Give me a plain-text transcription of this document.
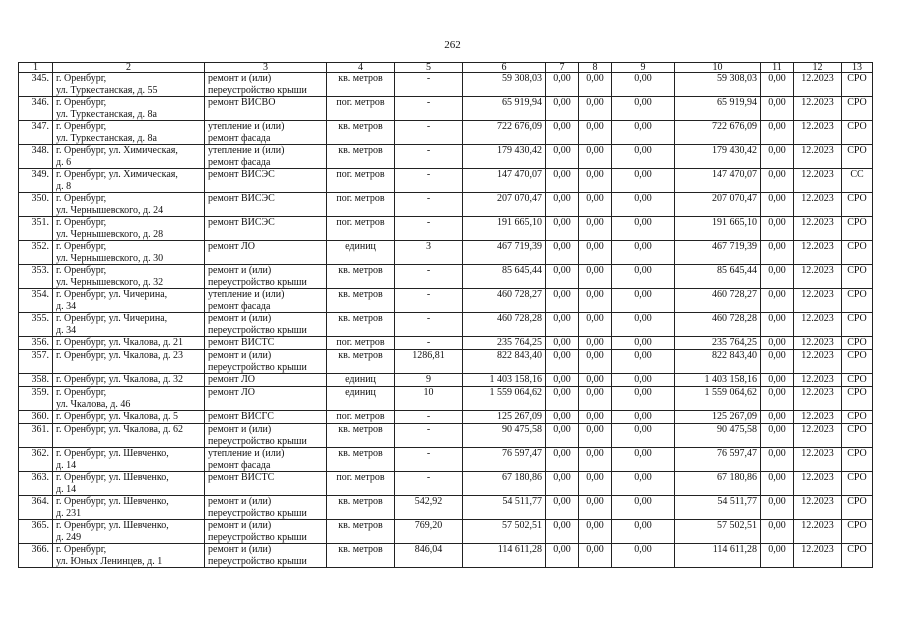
262
1	2	3	4	5	6	7	8	9	10	11	12	13
345.	г. Оренбург,
ул. Туркестанская, д. 55	ремонт и (или)
переустройство крыши	кв. метров	-	59 308,03	0,00	0,00	0,00	59 308,03	0,00	12.2023	СРО
346.	г. Оренбург,
ул. Туркестанская, д. 8а	ремонт ВИСВО	пог. метров	-	65 919,94	0,00	0,00	0,00	65 919,94	0,00	12.2023	СРО
347.	г. Оренбург,
ул. Туркестанская, д. 8а	утепление и (или)
ремонт фасада	кв. метров	-	722 676,09	0,00	0,00	0,00	722 676,09	0,00	12.2023	СРО
348.	г. Оренбург, ул. Химическая,
д. 6	утепление и (или)
ремонт фасада	кв. метров	-	179 430,42	0,00	0,00	0,00	179 430,42	0,00	12.2023	СРО
349.	г. Оренбург, ул. Химическая,
д. 8	ремонт ВИСЭС	пог. метров	-	147 470,07	0,00	0,00	0,00	147 470,07	0,00	12.2023	СС
350.	г. Оренбург,
ул. Чернышевского, д. 24	ремонт ВИСЭС	пог. метров	-	207 070,47	0,00	0,00	0,00	207 070,47	0,00	12.2023	СРО
351.	г. Оренбург,
ул. Чернышевского, д. 28	ремонт ВИСЭС	пог. метров	-	191 665,10	0,00	0,00	0,00	191 665,10	0,00	12.2023	СРО
352.	г. Оренбург,
ул. Чернышевского, д. 30	ремонт ЛО	единиц	3	467 719,39	0,00	0,00	0,00	467 719,39	0,00	12.2023	СРО
353.	г. Оренбург,
ул. Чернышевского, д. 32	ремонт и (или)
переустройство крыши	кв. метров	-	85 645,44	0,00	0,00	0,00	85 645,44	0,00	12.2023	СРО
354.	г. Оренбург, ул. Чичерина,
д. 34	утепление и (или)
ремонт фасада	кв. метров	-	460 728,27	0,00	0,00	0,00	460 728,27	0,00	12.2023	СРО
355.	г. Оренбург, ул. Чичерина,
д. 34	ремонт и (или)
переустройство крыши	кв. метров	-	460 728,28	0,00	0,00	0,00	460 728,28	0,00	12.2023	СРО
356.	г. Оренбург, ул. Чкалова, д. 21	ремонт ВИСТС	пог. метров	-	235 764,25	0,00	0,00	0,00	235 764,25	0,00	12.2023	СРО
357.	г. Оренбург, ул. Чкалова, д. 23	ремонт и (или)
переустройство крыши	кв. метров	1286,81	822 843,40	0,00	0,00	0,00	822 843,40	0,00	12.2023	СРО
358.	г. Оренбург, ул. Чкалова, д. 32	ремонт ЛО	единиц	9	1 403 158,16	0,00	0,00	0,00	1 403 158,16	0,00	12.2023	СРО
359.	г. Оренбург,
ул. Чкалова, д. 46	ремонт ЛО	единиц	10	1 559 064,62	0,00	0,00	0,00	1 559 064,62	0,00	12.2023	СРО
360.	г. Оренбург, ул. Чкалова, д. 5	ремонт ВИСГС	пог. метров	-	125 267,09	0,00	0,00	0,00	125 267,09	0,00	12.2023	СРО
361.	г. Оренбург, ул. Чкалова, д. 62	ремонт и (или)
переустройство крыши	кв. метров	-	90 475,58	0,00	0,00	0,00	90 475,58	0,00	12.2023	СРО
362.	г. Оренбург, ул. Шевченко,
д. 14	утепление и (или)
ремонт фасада	кв. метров	-	76 597,47	0,00	0,00	0,00	76 597,47	0,00	12.2023	СРО
363.	г. Оренбург, ул. Шевченко,
д. 14	ремонт ВИСТС	пог. метров	-	67 180,86	0,00	0,00	0,00	67 180,86	0,00	12.2023	СРО
364.	г. Оренбург, ул. Шевченко,
д. 231	ремонт и (или)
переустройство крыши	кв. метров	542,92	54 511,77	0,00	0,00	0,00	54 511,77	0,00	12.2023	СРО
365.	г. Оренбург, ул. Шевченко,
д. 249	ремонт и (или)
переустройство крыши	кв. метров	769,20	57 502,51	0,00	0,00	0,00	57 502,51	0,00	12.2023	СРО
366.	г. Оренбург,
ул. Юных Ленинцев, д. 1	ремонт и (или)
переустройство крыши	кв. метров	846,04	114 611,28	0,00	0,00	0,00	114 611,28	0,00	12.2023	СРО
